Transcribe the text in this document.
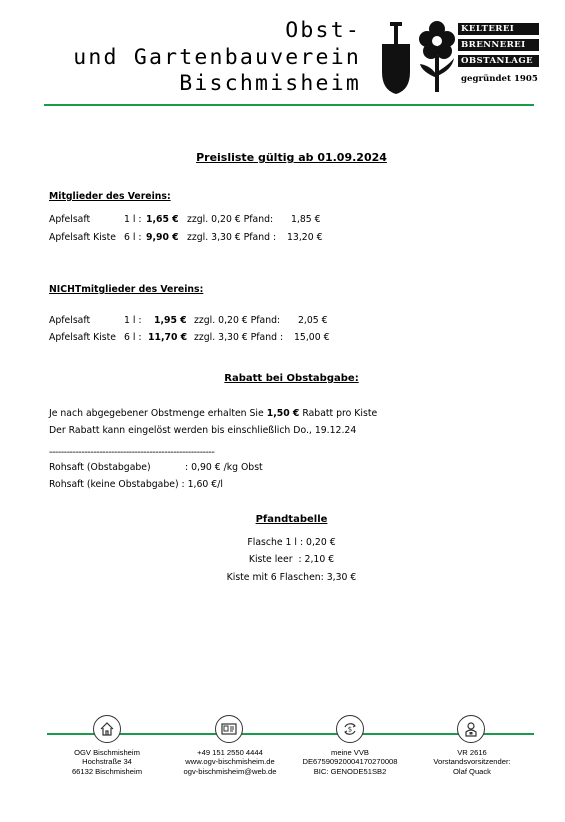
Obst-
und Gartenbauverein
Bischmisheim
KELTEREI
BRENNEREI
OBSTANLAGE
gegründet 1905
Preisliste gültig ab 01.09.2024
Mitglieder des Vereins:
Apfelsaft	1 l : 1,65 € zzgl. 0,20 € Pfand: 1,85 €
Apfelsaft Kiste 6 l : 9,90 € zzgl. 3,30 € Pfand : 13,20 €
NICHTmitglieder des Vereins:
Apfelsaft	1 l : 1,95 € zzgl. 0,20 € Pfand: 2,05 €
Apfelsaft Kiste 6 l : 11,70 € zzgl. 3,30 € Pfand : 15,00 €
Rabatt bei Obstabgabe:
Je nach abgegebener Obstmenge erhalten Sie 1,50 € Rabatt pro Kiste
Der Rabatt kann eingelöst werden bis einschließlich Do., 19.12.24
--------------------------------------------------------
Rohsaft (Obstabgabe)	: 0,90 € /kg Obst
Rohsaft (keine Obstabgabe) : 1,60 €/l
Pfandtabelle
Flasche 1 l : 0,20 €
Kiste leer  : 2,10 €
Kiste mit 6 Flaschen: 3,30 €
$
OGV Bischmisheim
Hochstraße 34
66132 Bischmisheim
+49 151 2550 4444
www.ogv-bischmisheim.de
ogv-bischmisheim@web.de
meine VVB
DE67590920004170270008
BIC: GENODE51SB2
VR 2616
Vorstandsvorsitzender:
Olaf Quack
